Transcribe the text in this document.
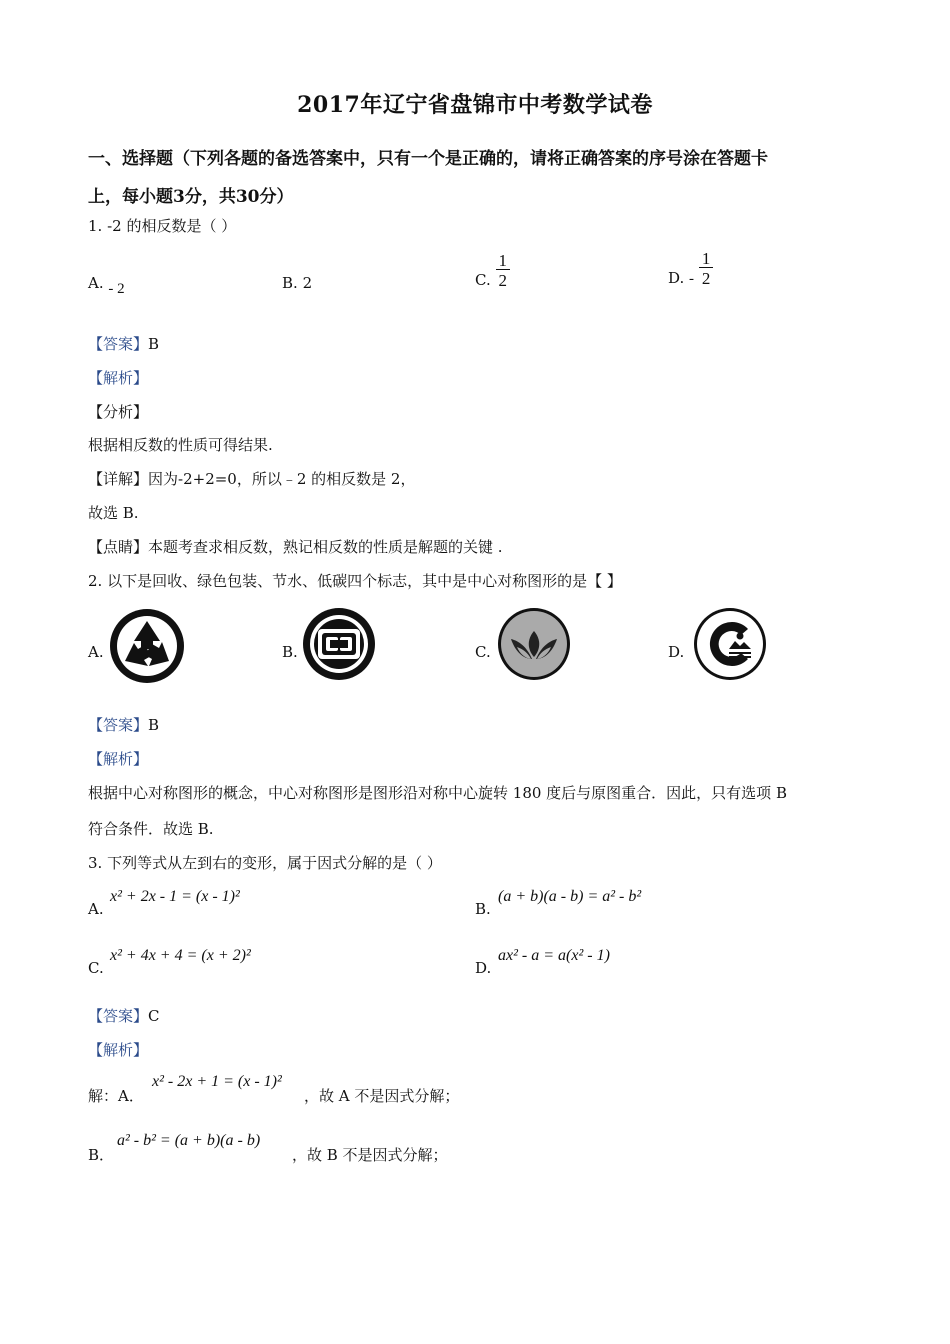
2017年辽宁省盘锦市中考数学试卷
一、选择题（下列各题的备选答案中，只有一个是正确的，请将正确答案的序号涂在答题卡
上，每小题3分，共30分）
1. ‐2 的相反数是（ ）
A. ‐ 2	B. 2	C. $\frac{1}{2}$	D. ‐ $\frac{1}{2}$
【答案】B
【解析】
【分析】
根据相反数的性质可得结果.
【详解】因为-2+2=0，所以﹣2 的相反数是 2，
故选 B.
【点睛】本题考查求相反数，熟记相反数的性质是解题的关键 .
2. 以下是回收、绿色包装、节水、低碳四个标志，其中是中心对称图形的是【 】
A.	B.	C.	D.
【答案】B
【解析】
根据中心对称图形的概念，中心对称图形是图形沿对称中心旋转 180 度后与原图重合．因此，只有选项 B
符合条件．故选 B.
3. 下列等式从左到右的变形，属于因式分解的是（ ）
A.
x² + 2x ‐ 1 = (x ‐ 1)²
B.
(a + b)(a ‐ b) = a² ‐ b²
C.
x² + 4x + 4 = (x + 2)²
D.
ax² ‐ a = a(x² ‐ 1)
【答案】C
【解析】
解：A．
x² ‐ 2x + 1 = (x ‐ 1)²
，故 A 不是因式分解；
B．
a² ‐ b² = (a + b)(a ‐ b)
，故 B 不是因式分解；
